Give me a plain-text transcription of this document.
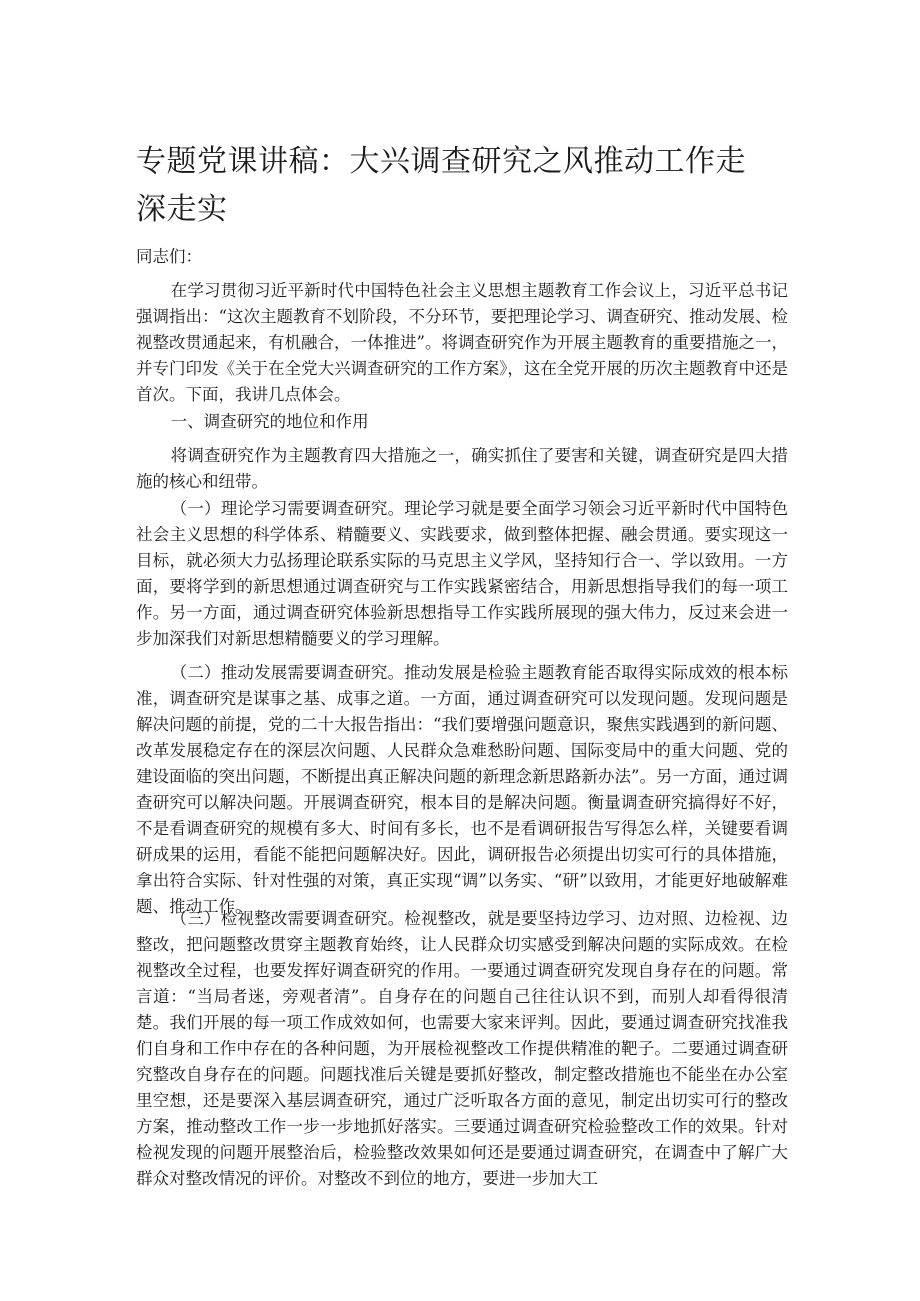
专题党课讲稿：大兴调查研究之风推动工作走深走实

同志们：

在学习贯彻习近平新时代中国特色社会主义思想主题教育工作会议上，习近平总书记强调指出：“这次主题教育不划阶段，不分环节，要把理论学习、调查研究、推动发展、检视整改贯通起来，有机融合，一体推进”。将调查研究作为开展主题教育的重要措施之一，并专门印发《关于在全党大兴调查研究的工作方案》，这在全党开展的历次主题教育中还是首次。下面，我讲几点体会。

一、调查研究的地位和作用

将调查研究作为主题教育四大措施之一，确实抓住了要害和关键，调查研究是四大措施的核心和纽带。

（一）理论学习需要调查研究。理论学习就是要全面学习领会习近平新时代中国特色社会主义思想的科学体系、精髓要义、实践要求，做到整体把握、融会贯通。要实现这一目标，就必须大力弘扬理论联系实际的马克思主义学风，坚持知行合一、学以致用。一方面，要将学到的新思想通过调查研究与工作实践紧密结合，用新思想指导我们的每一项工作。另一方面，通过调查研究体验新思想指导工作实践所展现的强大伟力，反过来会进一步加深我们对新思想精髓要义的学习理解。

（二）推动发展需要调查研究。推动发展是检验主题教育能否取得实际成效的根本标准，调查研究是谋事之基、成事之道。一方面，通过调查研究可以发现问题。发现问题是解决问题的前提，党的二十大报告指出：“我们要增强问题意识，聚焦实践遇到的新问题、改革发展稳定存在的深层次问题、人民群众急难愁盼问题、国际变局中的重大问题、党的建设面临的突出问题，不断提出真正解决问题的新理念新思路新办法”。另一方面，通过调查研究可以解决问题。开展调查研究，根本目的是解决问题。衡量调查研究搞得好不好，不是看调查研究的规模有多大、时间有多长，也不是看调研报告写得怎么样，关键要看调研成果的运用，看能不能把问题解决好。因此，调研报告必须提出切实可行的具体措施，拿出符合实际、针对性强的对策，真正实现“调”以务实、“研”以致用，才能更好地破解难题、推动工作。

（三）检视整改需要调查研究。检视整改，就是要坚持边学习、边对照、边检视、边整改，把问题整改贯穿主题教育始终，让人民群众切实感受到解决问题的实际成效。在检视整改全过程，也要发挥好调查研究的作用。一要通过调查研究发现自身存在的问题。常言道：“当局者迷，旁观者清”。自身存在的问题自己往往认识不到，而别人却看得很清楚。我们开展的每一项工作成效如何，也需要大家来评判。因此，要通过调查研究找准我们自身和工作中存在的各种问题，为开展检视整改工作提供精准的靶子。二要通过调查研究整改自身存在的问题。问题找准后关键是要抓好整改，制定整改措施也不能坐在办公室里空想，还是要深入基层调查研究，通过广泛听取各方面的意见，制定出切实可行的整改方案，推动整改工作一步一步地抓好落实。三要通过调查研究检验整改工作的效果。针对检视发现的问题开展整治后，检验整改效果如何还是要通过调查研究，在调查中了解广大群众对整改情况的评价。对整改不到位的地方，要进一步加大工
